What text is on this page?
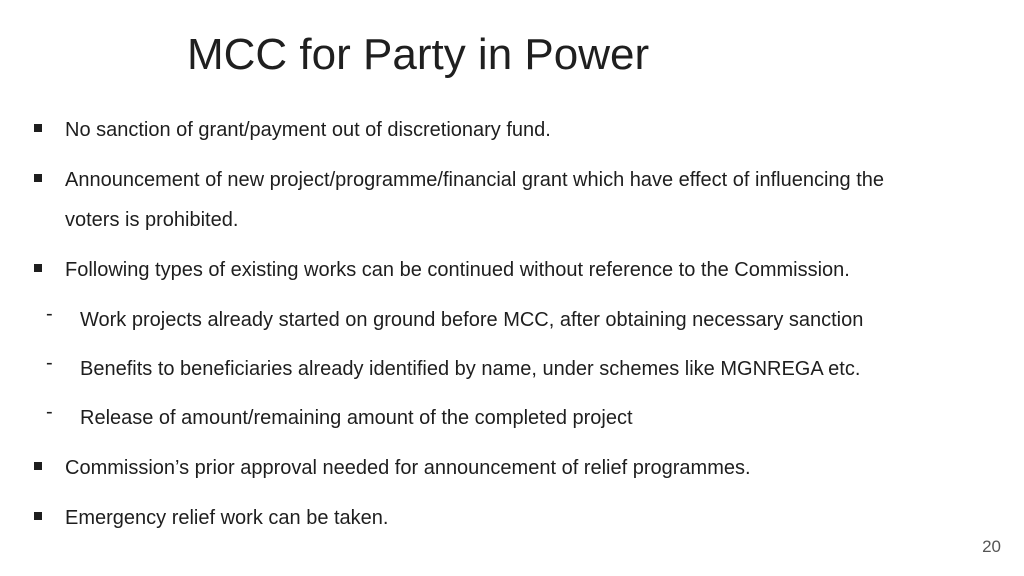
MCC for Party in Power
No sanction of grant/payment out of discretionary fund.
Announcement of new project/programme/financial grant which have effect of influencing the
voters is prohibited.
Following types of existing works can be continued without reference to the Commission.
- Work projects already started on ground before MCC, after obtaining necessary sanction
- Benefits to beneficiaries already identified by name, under schemes like MGNREGA etc.
- Release of amount/remaining amount of the completed project
Commission’s prior approval needed for announcement of relief programmes.
Emergency relief work can be taken.
20
